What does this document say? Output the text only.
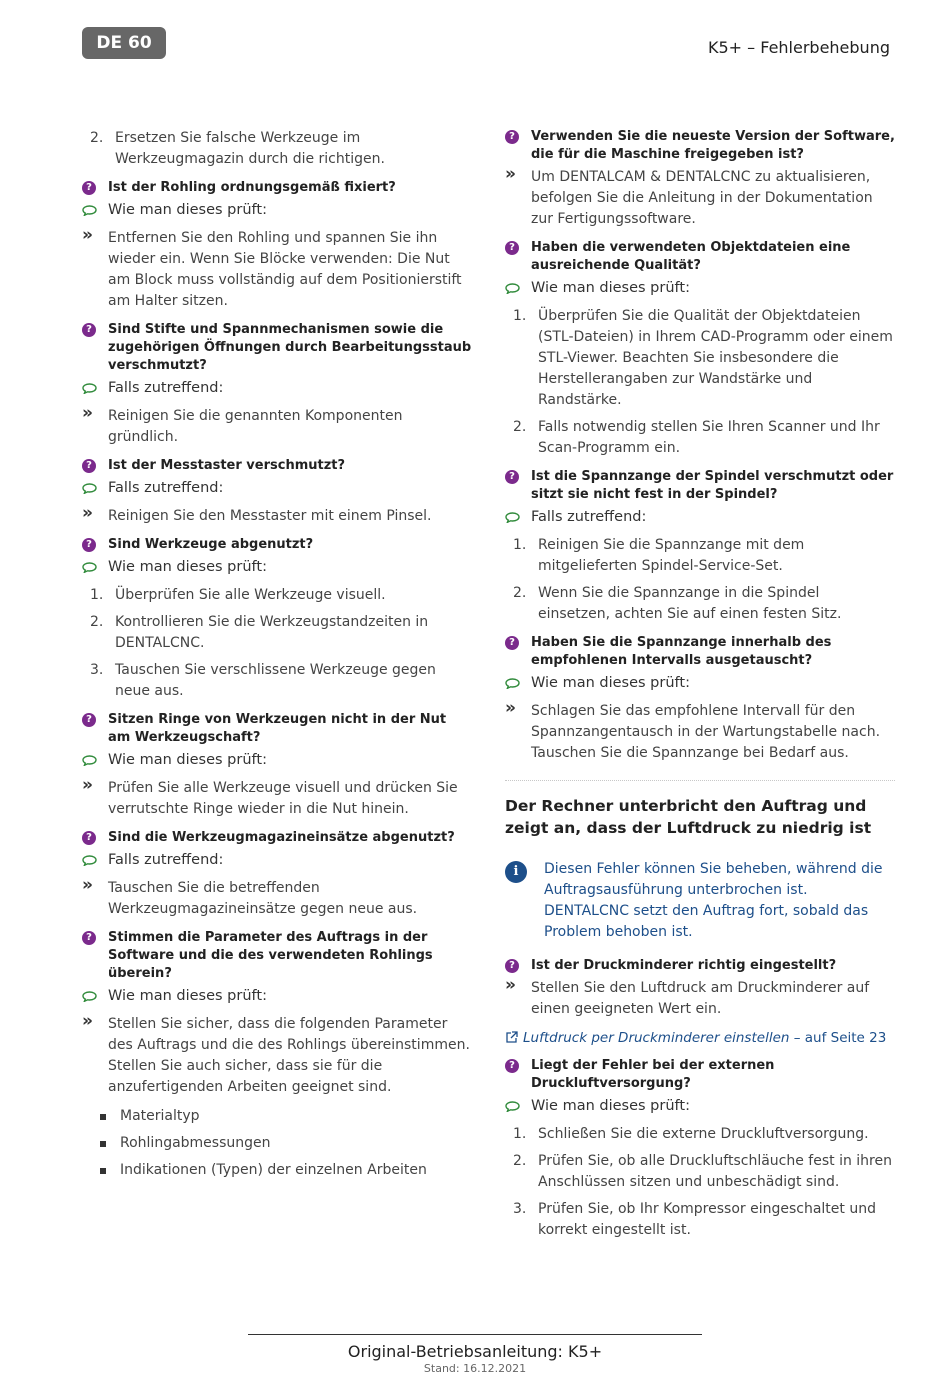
DE 60	K5+ – Fehlerbehebung
2. Ersetzen Sie falsche Werkzeuge im Werkzeugmagazin durch die richtigen.
?	Ist der Rohling ordnungsgemäß fixiert?
Wie man dieses prüft:
» Entfernen Sie den Rohling und spannen Sie ihn wieder ein. Wenn Sie Blöcke verwenden: Die Nut am Block muss vollständig auf dem Positionierstift am Halter sitzen.
?	Sind Stifte und Spannmechanismen sowie die zugehörigen Öffnungen durch Bearbeitungsstaub verschmutzt?
Falls zutreffend:
» Reinigen Sie die genannten Komponenten gründlich.
?	Ist der Messtaster verschmutzt?
Falls zutreffend:
» Reinigen Sie den Messtaster mit einem Pinsel.
?	Sind Werkzeuge abgenutzt?
Wie man dieses prüft:
1. Überprüfen Sie alle Werkzeuge visuell.
2. Kontrollieren Sie die Werkzeugstandzeiten in DENTALCNC.
3. Tauschen Sie verschlissene Werkzeuge gegen neue aus.
?	Sitzen Ringe von Werkzeugen nicht in der Nut am Werkzeugschaft?
Wie man dieses prüft:
» Prüfen Sie alle Werkzeuge visuell und drücken Sie verrutschte Ringe wieder in die Nut hinein.
?	Sind die Werkzeugmagazineinsätze abgenutzt?
Falls zutreffend:
» Tauschen Sie die betreffenden Werkzeugmagazineinsätze gegen neue aus.
?	Stimmen die Parameter des Auftrags in der Software und die des verwendeten Rohlings überein?
Wie man dieses prüft:
» Stellen Sie sicher, dass die folgenden Parameter des Auftrags und die des Rohlings übereinstimmen. Stellen Sie auch sicher, dass sie für die anzufertigenden Arbeiten geeignet sind.
Materialtyp
Rohlingabmessungen
Indikationen (Typen) der einzelnen Arbeiten
?	Verwenden Sie die neueste Version der Software, die für die Maschine freigegeben ist?
» Um DENTALCAM & DENTALCNC zu aktualisieren, befolgen Sie die Anleitung in der Dokumentation zur Fertigungssoftware.
?	Haben die verwendeten Objektdateien eine ausreichende Qualität?
Wie man dieses prüft:
1. Überprüfen Sie die Qualität der Objektdateien (STL-Dateien) in Ihrem CAD-Programm oder einem STL-Viewer. Beachten Sie insbesondere die Herstellerangaben zur Wandstärke und Randstärke.
2. Falls notwendig stellen Sie Ihren Scanner und Ihr Scan-Programm ein.
?	Ist die Spannzange der Spindel verschmutzt oder sitzt sie nicht fest in der Spindel?
Falls zutreffend:
1. Reinigen Sie die Spannzange mit dem mitgelieferten Spindel-Service-Set.
2. Wenn Sie die Spannzange in die Spindel einsetzen, achten Sie auf einen festen Sitz.
?	Haben Sie die Spannzange innerhalb des empfohlenen Intervalls ausgetauscht?
Wie man dieses prüft:
» Schlagen Sie das empfohlene Intervall für den Spannzangentausch in der Wartungstabelle nach. Tauschen Sie die Spannzange bei Bedarf aus.
Der Rechner unterbricht den Auftrag und zeigt an, dass der Luftdruck zu niedrig ist
i	Diesen Fehler können Sie beheben, während die Auftragsausführung unterbrochen ist. DENTALCNC setzt den Auftrag fort, sobald das Problem behoben ist.
?	Ist der Druckminderer richtig eingestellt?
» Stellen Sie den Luftdruck am Druckminderer auf einen geeigneten Wert ein.
Luftdruck per Druckminderer einstellen – auf Seite 23
?	Liegt der Fehler bei der externen Druckluftversorgung?
Wie man dieses prüft:
1. Schließen Sie die externe Druckluftversorgung.
2. Prüfen Sie, ob alle Druckluftschläuche fest in ihren Anschlüssen sitzen und unbeschädigt sind.
3. Prüfen Sie, ob Ihr Kompressor eingeschaltet und korrekt eingestellt ist.
Original-Betriebsanleitung: K5+
Stand: 16.12.2021
